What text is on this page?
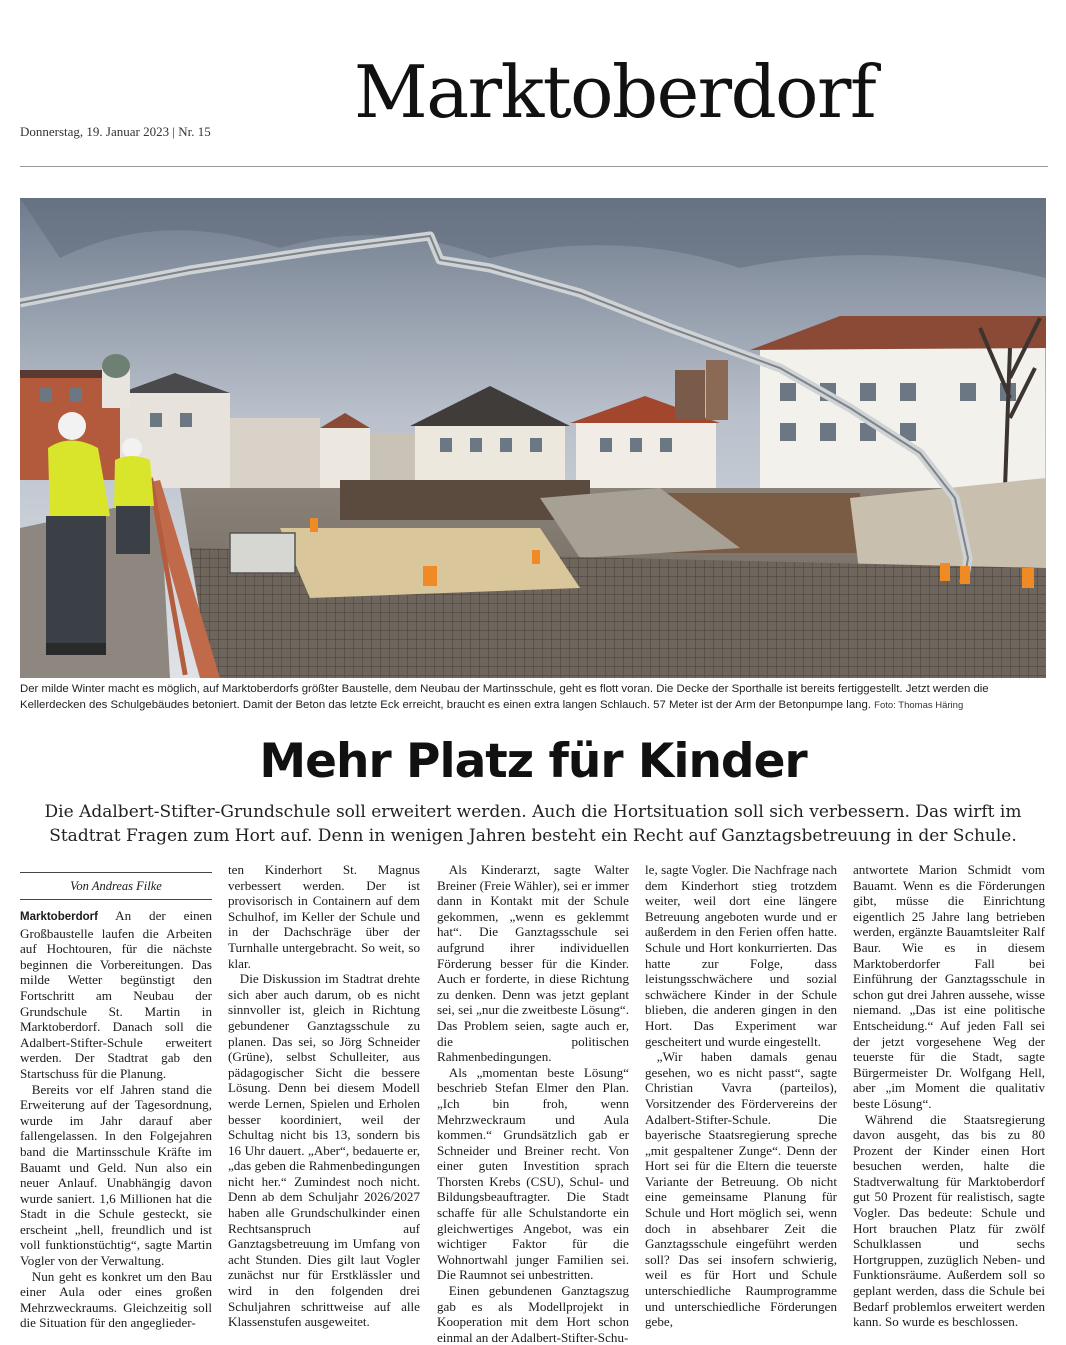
Marktoberdorf
Donnerstag, 19. Januar 2023 | Nr. 15
Der milde Winter macht es möglich, auf Marktoberdorfs größter Baustelle, dem Neubau der Martinsschule, geht es flott voran. Die Decke der Sporthalle ist bereits fertiggestellt. Jetzt werden die Kellerdecken des Schulgebäudes betoniert. Damit der Beton das letzte Eck erreicht, braucht es einen extra langen Schlauch. 57 Meter ist der Arm der Betonpumpe lang. Foto: Thomas Häring
Mehr Platz für Kinder
Die Adalbert-Stifter-Grundschule soll erweitert werden. Auch die Hortsituation soll sich verbessern. Das wirft im Stadtrat Fragen zum Hort auf. Denn in wenigen Jahren besteht ein Recht auf Ganztagsbetreuung in der Schule.
Von Andreas Filke

Marktoberdorf An der einen Großbaustelle laufen die Arbeiten auf Hochtouren, für die nächste beginnen die Vorbereitungen. Das milde Wetter begünstigt den Fortschritt am Neubau der Grundschule St. Martin in Marktoberdorf. Danach soll die Adalbert-Stifter-Schule erweitert werden. Der Stadtrat gab den Startschuss für die Planung.

Bereits vor elf Jahren stand die Erweiterung auf der Tagesordnung, wurde im Jahr darauf aber fallengelassen. In den Folgejahren band die Martinsschule Kräfte im Bauamt und Geld. Nun also ein neuer Anlauf. Unabhängig davon wurde saniert. 1,6 Millionen hat die Stadt in die Schule gesteckt, sie erscheint „hell, freundlich und ist voll funktionstüchtig“, sagte Martin Vogler von der Verwaltung.

Nun geht es konkret um den Bau einer Aula oder eines großen Mehrzweckraums. Gleichzeitig soll die Situation für den angeglieder-

ten Kinderhort St. Magnus verbessert werden. Der ist provisorisch in Containern auf dem Schulhof, im Keller der Schule und in der Dachschräge über der Turnhalle untergebracht. So weit, so klar.

Die Diskussion im Stadtrat drehte sich aber auch darum, ob es nicht sinnvoller ist, gleich in Richtung gebundener Ganztagsschule zu planen. Das sei, so Jörg Schneider (Grüne), selbst Schulleiter, aus pädagogischer Sicht die bessere Lösung. Denn bei diesem Modell werde Lernen, Spielen und Erholen besser koordiniert, weil der Schultag nicht bis 13, sondern bis 16 Uhr dauert. „Aber“, bedauerte er, „das geben die Rahmenbedingungen nicht her.“ Zumindest noch nicht. Denn ab dem Schuljahr 2026/2027 haben alle Grundschulkinder einen Rechtsanspruch auf Ganztagsbetreuung im Umfang von acht Stunden. Dies gilt laut Vogler zunächst nur für Erstklässler und wird in den folgenden drei Schuljahren schrittweise auf alle Klassenstufen ausgeweitet.

Als Kinderarzt, sagte Walter Breiner (Freie Wähler), sei er immer dann in Kontakt mit der Schule gekommen, „wenn es geklemmt hat“. Die Ganztagsschule sei aufgrund ihrer individuellen Förderung besser für die Kinder. Auch er forderte, in diese Richtung zu denken. Denn was jetzt geplant sei, sei „nur die zweitbeste Lösung“. Das Problem seien, sagte auch er, die politischen Rahmenbedingungen.

Als „momentan beste Lösung“ beschrieb Stefan Elmer den Plan. „Ich bin froh, wenn Mehrzweckraum und Aula kommen.“ Grundsätzlich gab er Schneider und Breiner recht. Von einer guten Investition sprach Thorsten Krebs (CSU), Schul- und Bildungsbeauftragter. Die Stadt schaffe für alle Schulstandorte ein gleichwertiges Angebot, was ein wichtiger Faktor für die Wohnortwahl junger Familien sei. Die Raumnot sei unbestritten.

Einen gebundenen Ganztagszug gab es als Modellprojekt in Kooperation mit dem Hort schon einmal an der Adalbert-Stifter-Schu-

le, sagte Vogler. Die Nachfrage nach dem Kinderhort stieg trotzdem weiter, weil dort eine längere Betreuung angeboten wurde und er außerdem in den Ferien offen hatte. Schule und Hort konkurrierten. Das hatte zur Folge, dass leistungsschwächere und sozial schwächere Kinder in der Schule blieben, die anderen gingen in den Hort. Das Experiment war gescheitert und wurde eingestellt.

„Wir haben damals genau gesehen, wo es nicht passt“, sagte Christian Vavra (parteilos), Vorsitzender des Fördervereins der Adalbert-Stifter-Schule. Die bayerische Staatsregierung spreche „mit gespaltener Zunge“. Denn der Hort sei für die Eltern die teuerste Variante der Betreuung. Ob nicht eine gemeinsame Planung für Schule und Hort möglich sei, wenn doch in absehbarer Zeit die Ganztagsschule eingeführt werden soll? Das sei insofern schwierig, weil es für Hort und Schule unterschiedliche Raumprogramme und unterschiedliche Förderungen gebe,

antwortete Marion Schmidt vom Bauamt. Wenn es die Förderungen gibt, müsse die Einrichtung eigentlich 25 Jahre lang betrieben werden, ergänzte Bauamtsleiter Ralf Baur. Wie es in diesem Marktoberdorfer Fall bei Einführung der Ganztagsschule in schon gut drei Jahren aussehe, wisse niemand. „Das ist eine politische Entscheidung.“ Auf jeden Fall sei der jetzt vorgesehene Weg der teuerste für die Stadt, sagte Bürgermeister Dr. Wolfgang Hell, aber „im Moment die qualitativ beste Lösung“.

Während die Staatsregierung davon ausgeht, das bis zu 80 Prozent der Kinder einen Hort besuchen werden, halte die Stadtverwaltung für Marktoberdorf gut 50 Prozent für realistisch, sagte Vogler. Das bedeute: Schule und Hort brauchen Platz für zwölf Schulklassen und sechs Hortgruppen, zuzüglich Neben- und Funktionsräume. Außerdem soll so geplant werden, dass die Schule bei Bedarf problemlos erweitert werden kann. So wurde es beschlossen.
